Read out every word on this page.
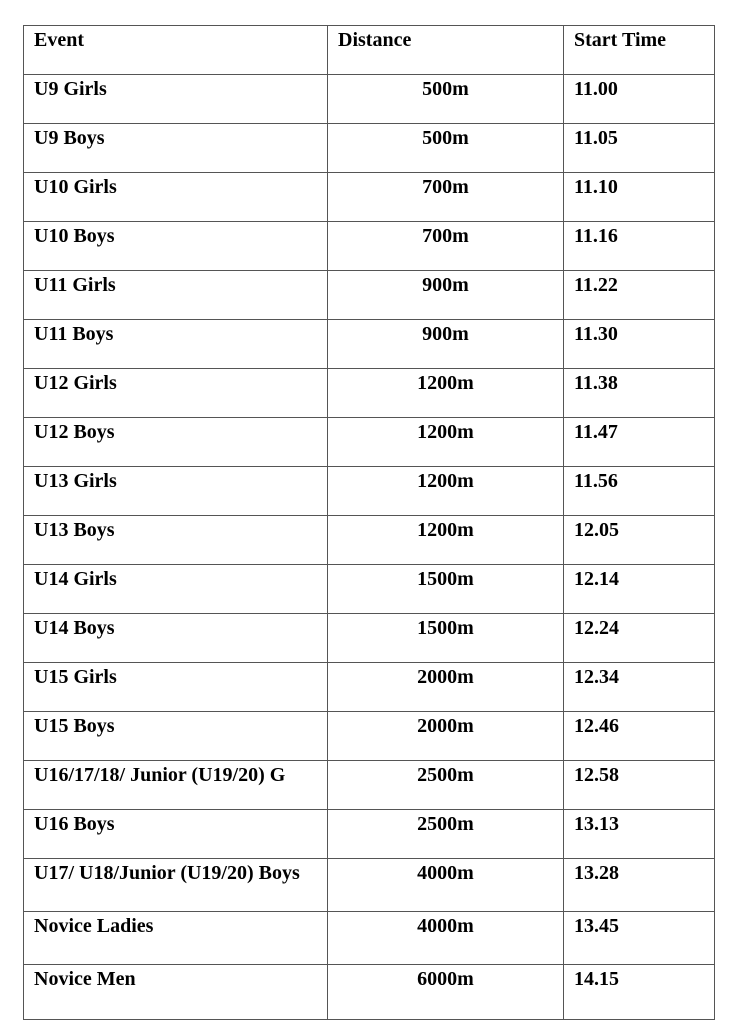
Event	Distance	Start Time
U9 Girls	500m	11.00
U9 Boys	500m	11.05
U10 Girls	700m	11.10
U10 Boys	700m	11.16
U11 Girls	900m	11.22
U11 Boys	900m	11.30
U12 Girls	1200m	11.38
U12 Boys	1200m	11.47
U13 Girls	1200m	11.56
U13 Boys	1200m	12.05
U14 Girls	1500m	12.14
U14 Boys	1500m	12.24
U15 Girls	2000m	12.34
U15 Boys	2000m	12.46
U16/17/18/ Junior (U19/20) G	2500m	12.58
U16 Boys	2500m	13.13
U17/ U18/Junior (U19/20) Boys	4000m	13.28
Novice Ladies	4000m	13.45
Novice Men	6000m	14.15
